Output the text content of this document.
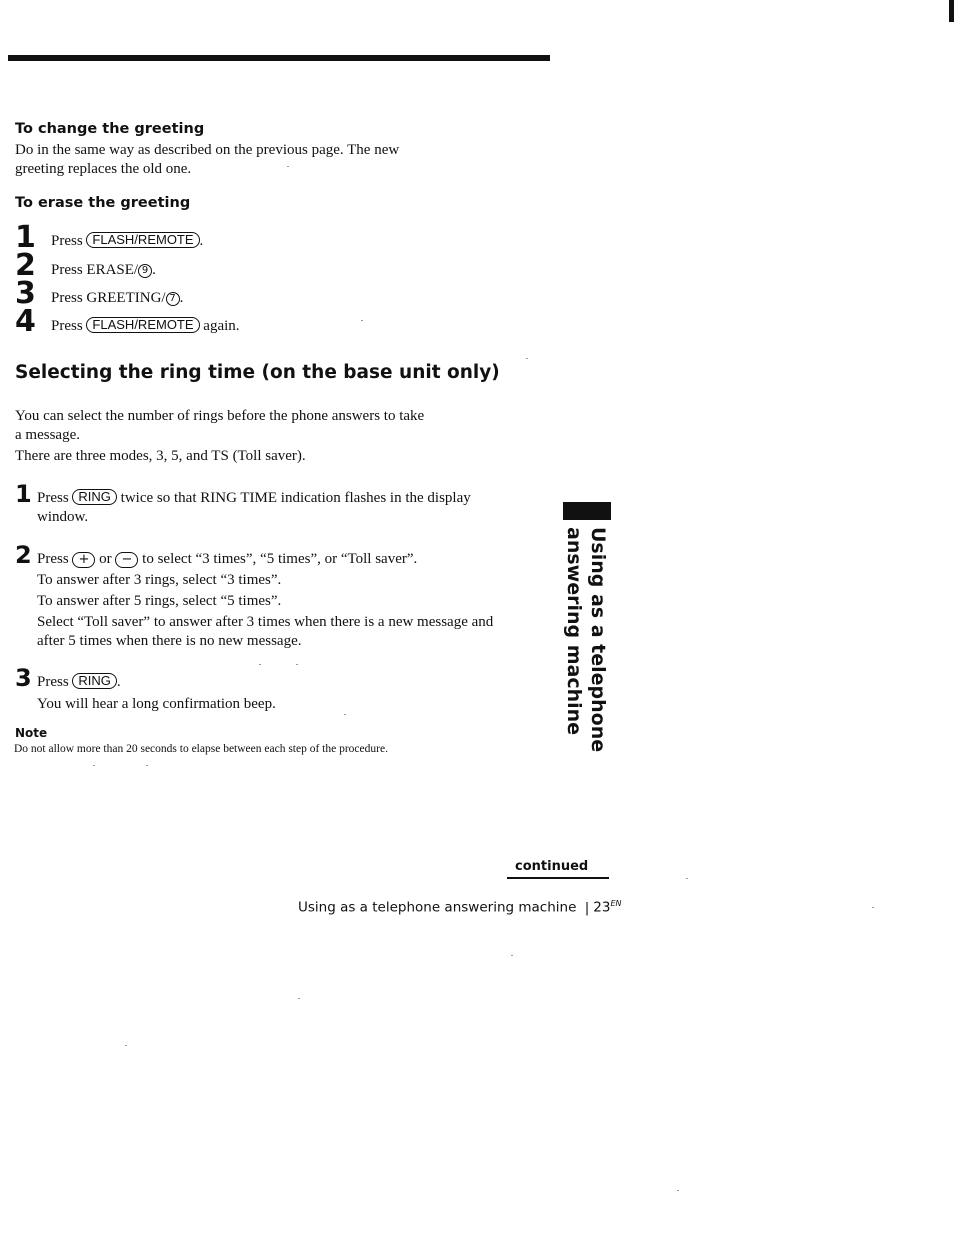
To change the greeting
Do in the same way as described on the previous page. The new
greeting replaces the old one.
To erase the greeting
1 Press FLASH/REMOTE .
2 Press ERASE/ 9 .
3 Press GREETING/ 7 .
4 Press FLASH/REMOTE again.
Selecting the ring time (on the base unit only)
You can select the number of rings before the phone answers to take
a message.
There are three modes, 3, 5, and TS (Toll saver).
1 Press RING twice so that RING TIME indication flashes in the display
window.
2 Press + or − to select “3 times”, “5 times”, or “Toll saver”.
To answer after 3 rings, select “3 times”.
To answer after 5 rings, select “5 times”.
Select “Toll saver” to answer after 3 times when there is a new message and
after 5 times when there is no new message.
3 Press RING .
You will hear a long confirmation beep.
Note
Do not allow more than 20 seconds to elapse between each step of the procedure.	Using as a telephone
answering machine
continued
Using as a telephone answering machine | $23^{EN}$
